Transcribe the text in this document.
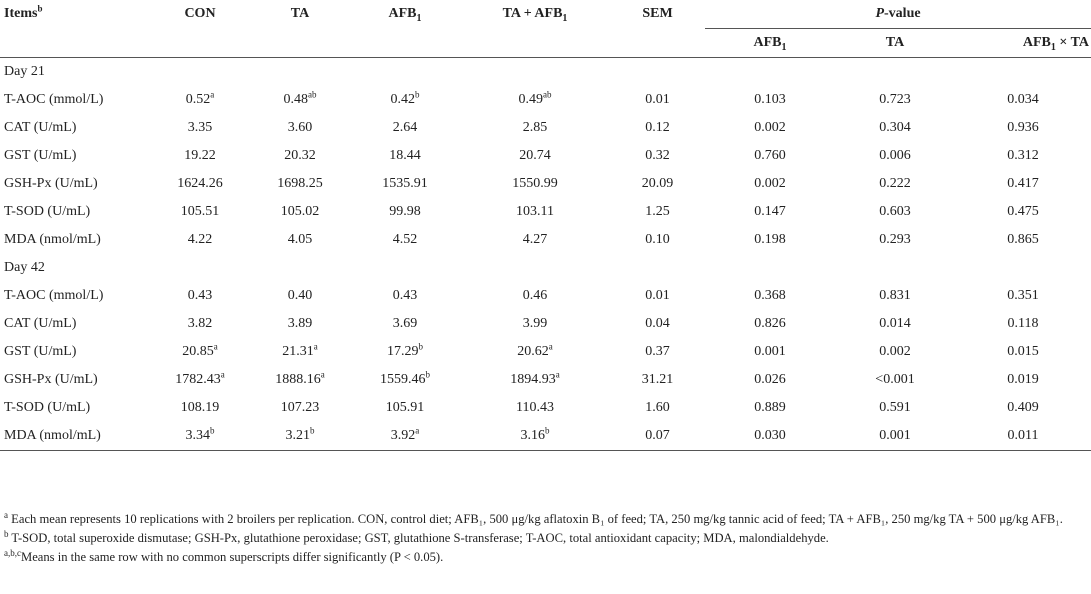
Items$^b$	CON	TA	$AFB_1$	TA + $AFB_1$	SEM	P-value		
						$AFB_1$	TA	$AFB_1$ × TA
Day 21								
T-AOC (mmol/L)	0.52$^a$	0.48$^{ab}$	0.42$^b$	0.49$^{ab}$	0.01	0.103	0.723	0.034
CAT (U/mL)	3.35	3.60	2.64	2.85	0.12	0.002	0.304	0.936
GST (U/mL)	19.22	20.32	18.44	20.74	0.32	0.760	0.006	0.312
GSH-Px (U/mL)	1624.26	1698.25	1535.91	1550.99	20.09	0.002	0.222	0.417
T-SOD (U/mL)	105.51	105.02	99.98	103.11	1.25	0.147	0.603	0.475
MDA (nmol/mL)	4.22	4.05	4.52	4.27	0.10	0.198	0.293	0.865
Day 42								
T-AOC (mmol/L)	0.43	0.40	0.43	0.46	0.01	0.368	0.831	0.351
CAT (U/mL)	3.82	3.89	3.69	3.99	0.04	0.826	0.014	0.118
GST (U/mL)	20.85$^a$	21.31$^a$	17.29$^b$	20.62$^a$	0.37	0.001	0.002	0.015
GSH-Px (U/mL)	1782.43$^a$	1888.16$^a$	1559.46$^b$	1894.93$^a$	31.21	0.026	<0.001	0.019
T-SOD (U/mL)	108.19	107.23	105.91	110.43	1.60	0.889	0.591	0.409
MDA (nmol/mL)	3.34$^b$	3.21$^b$	3.92$^a$	3.16$^b$	0.07	0.030	0.001	0.011

$^a$ Each mean represents 10 replications with 2 broilers per replication. CON, control diet; AFB₁, 500 μg/kg aflatoxin B₁ of feed; TA, 250 mg/kg tannic acid of feed; TA + AFB₁, 250 mg/kg TA + 500 μg/kg AFB₁.

$^b$ T-SOD, total superoxide dismutase; GSH-Px, glutathione peroxidase; GST, glutathione S-transferase; T-AOC, total antioxidant capacity; MDA, malondialdehyde.

$^{a,b,c}$Means in the same row with no common superscripts differ significantly (P < 0.05).
